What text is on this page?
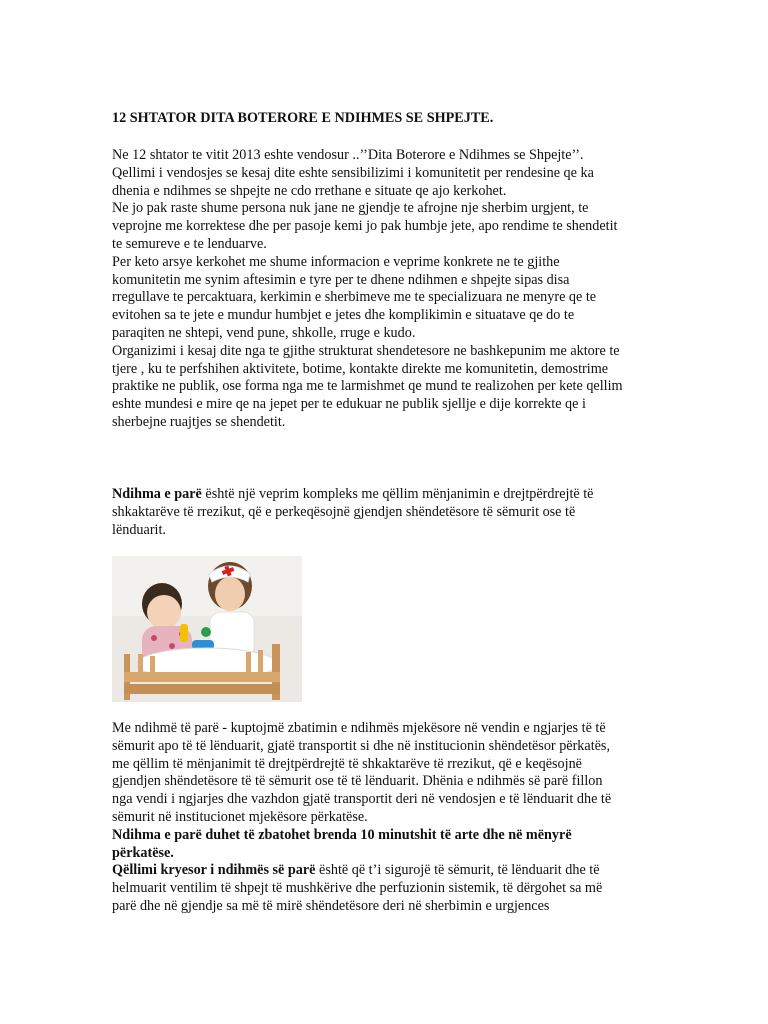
12 SHTATOR DITA BOTERORE E NDIHMES SE SHPEJTE.
Ne 12 shtator te vitit 2013 eshte vendosur ..’’Dita Boterore e Ndihmes se Shpejte’’.
Qellimi i vendosjes se kesaj dite eshte sensibilizimi i komunitetit per rendesine qe ka
dhenia e ndihmes se shpejte ne cdo rrethane e situate qe ajo kerkohet.
Ne jo pak raste shume persona nuk jane ne gjendje te afrojne nje sherbim urgjent, te
veprojne me korrektese dhe per pasoje kemi jo pak humbje jete, apo rendime te shendetit
te semureve e te lenduarve.
Per keto arsye kerkohet me shume informacion e veprime konkrete ne te gjithe
komunitetin me synim aftesimin e tyre per te dhene ndihmen e shpejte sipas disa
rregullave te percaktuara, kerkimin e sherbimeve me te specializuara ne menyre qe te
evitohen sa te jete e mundur humbjet e jetes dhe komplikimin e situatave qe do te
paraqiten ne shtepi, vend pune, shkolle, rruge e kudo.
Organizimi i kesaj dite nga te gjithe strukturat shendetesore ne bashkepunim me aktore te
tjere , ku te perfshihen aktivitete, botime, kontakte direkte me komunitetin, demostrime
praktike ne publik, ose forma nga me te larmishmet qe mund te realizohen per kete qellim
eshte mundesi e mire qe na jepet per te edukuar ne publik sjellje e dije korrekte qe i
sherbejne ruajtjes se shendetit.
Ndihma e parë është një veprim kompleks me qëllim mënjanimin e drejtpërdrejtë të
shkaktarëve të rrezikut, që e perkeqësojnë gjendjen shëndetësore të sëmurit ose të
lënduarit.
Me ndihmë të parë - kuptojmë zbatimin e ndihmës mjekësore në vendin e ngjarjes të të
sëmurit apo të të lënduarit, gjatë transportit si dhe në institucionin shëndetësor përkatës,
me qëllim të mënjanimit të drejtpërdrejtë të shkaktarëve të rrezikut, që e keqësojnë
gjendjen shëndetësore të të sëmurit ose të të lënduarit. Dhënia e ndihmës së parë fillon
nga vendi i ngjarjes dhe vazhdon gjatë transportit deri në vendosjen e të lënduarit dhe të
sëmurit në institucionet mjekësore përkatëse.
Ndihma e parë duhet të zbatohet brenda 10 minutshit të arte dhe në mënyrë
përkatëse.
Qëllimi kryesor i ndihmës së parë është që t’i sigurojë të sëmurit, të lënduarit dhe të
helmuarit ventilim të shpejt të mushkërive dhe perfuzionin sistemik, të dërgohet sa më
parë dhe në gjendje sa më të mirë shëndetësore deri në sherbimin e urgjences
